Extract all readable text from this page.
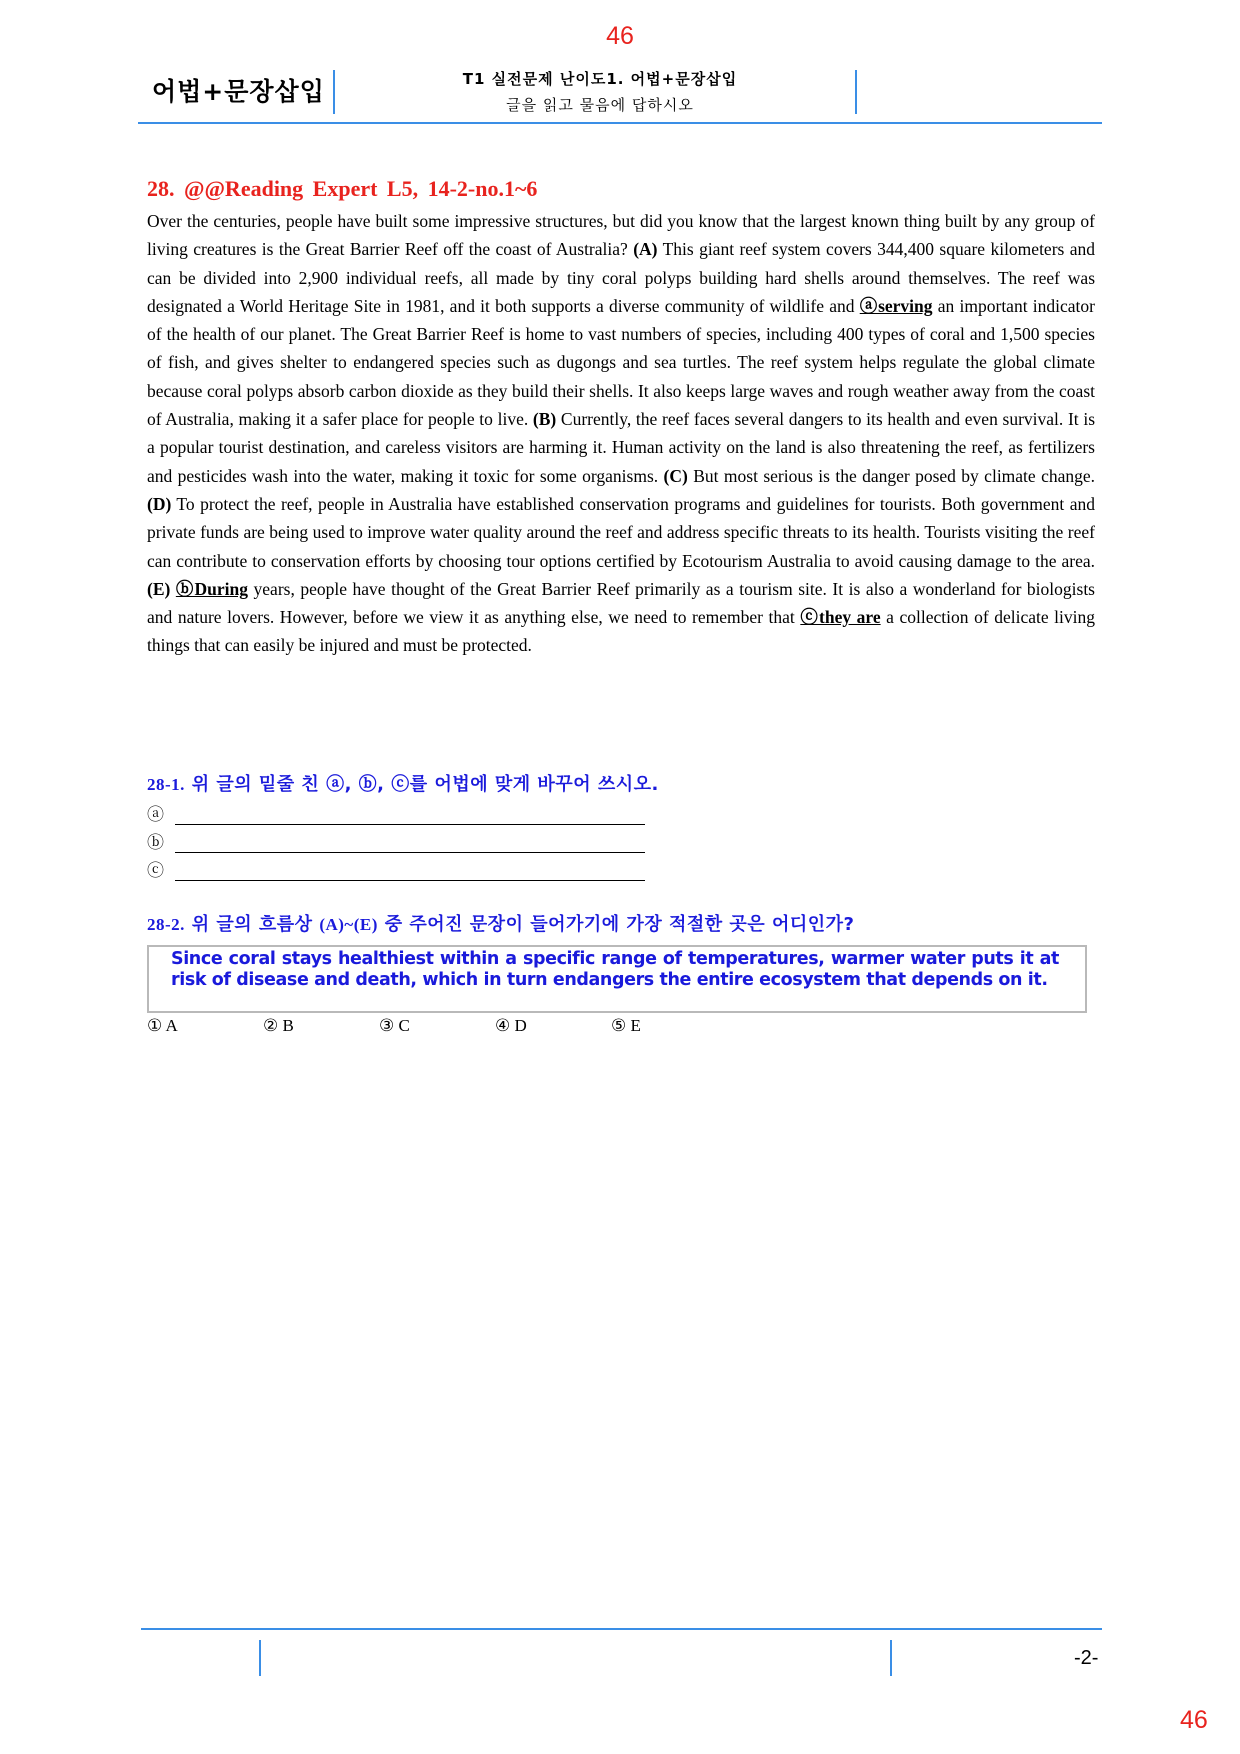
46
어법+문장삽입	T1 실전문제 난이도1. 어법+문장삽입
글을 읽고 물음에 답하시오
28. @@Reading Expert L5, 14-2-no.1~6

Over the centuries, people have built some impressive structures, but did you know that the largest known thing built by any group of living creatures is the Great Barrier Reef off the coast of Australia? (A) This giant reef system covers 344,400 square kilometers and can be divided into 2,900 individual reefs, all made by tiny coral polyps building hard shells around themselves. The reef was designated a World Heritage Site in 1981, and it both supports a diverse community of wildlife and ⓐserving an important indicator of the health of our planet. The Great Barrier Reef is home to vast numbers of species, including 400 types of coral and 1,500 species of fish, and gives shelter to endangered species such as dugongs and sea turtles. The reef system helps regulate the global climate because coral polyps absorb carbon dioxide as they build their shells. It also keeps large waves and rough weather away from the coast of Australia, making it a safer place for people to live. (B) Currently, the reef faces several dangers to its health and even survival. It is a popular tourist destination, and careless visitors are harming it. Human activity on the land is also threatening the reef, as fertilizers and pesticides wash into the water, making it toxic for some organisms. (C) But most serious is the danger posed by climate change. (D) To protect the reef, people in Australia have established conservation programs and guidelines for tourists. Both government and private funds are being used to improve water quality around the reef and address specific threats to its health. Tourists visiting the reef can contribute to conservation efforts by choosing tour options certified by Ecotourism Australia to avoid causing damage to the area. (E) ⓑDuring years, people have thought of the Great Barrier Reef primarily as a tourism site. It is also a wonderland for biologists and nature lovers. However, before we view it as anything else, we need to remember that ⓒthey are a collection of delicate living things that can easily be injured and must be protected.

28-1. 위 글의 밑줄 친 ⓐ, ⓑ, ⓒ를 어법에 맞게 바꾸어 쓰시오.
ⓐ
ⓑ
ⓒ
28-2. 위 글의 흐름상 (A)~(E) 중 주어진 문장이 들어가기에 가장 적절한 곳은 어디인가?

Since coral stays healthiest within a specific range of temperatures, warmer water puts it at risk of disease and death, which in turn endangers the entire ecosystem that depends on it.

① A	② B	③ C	④ D	⑤ E
-2-
46
